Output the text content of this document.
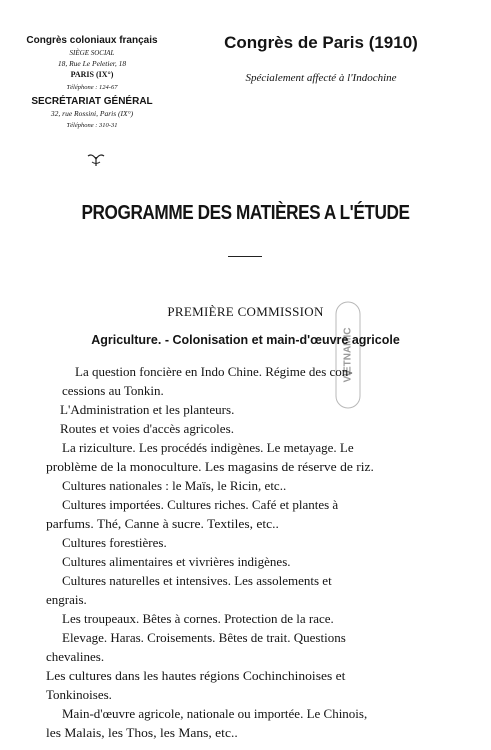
Congrès coloniaux français
SIÈGE SOCIAL
18, Rue Le Peletier, 18
PARIS (IX°)
Téléphone : 124-67
SECRÉTARIAT GÉNÉRAL
32, rue Rossini, Paris (IX°)
Téléphone : 310-31
Congrès de Paris (1910)
Spécialement affecté à l'Indochine
PROGRAMME DES MATIÈRES A L'ÉTUDE
VIETNAMIC
PREMIÈRE COMMISSION
Agriculture. - Colonisation et main-d'œuvre agricole
La question foncière en Indo Chine. Régime des con-
cessions au Tonkin.
L'Administration et les planteurs.
Routes et voies d'accès agricoles.
La riziculture. Les procédés indigènes. Le metayage. Le
problème de la monoculture. Les magasins de réserve de riz.
Cultures nationales : le Maïs, le Ricin, etc..
Cultures importées. Cultures riches. Café et plantes à
parfums. Thé, Canne à sucre. Textiles, etc..
Cultures forestières.
Cultures alimentaires et vivrières indigènes.
Cultures naturelles et intensives. Les assolements et
engrais.
Les troupeaux. Bêtes à cornes. Protection de la race.
Elevage. Haras. Croisements. Bêtes de trait. Questions
chevalines.
Les cultures dans les hautes régions Cochinchinoises et
Tonkinoises.
Main-d'œuvre agricole, nationale ou importée. Le Chinois,
les Malais, les Thos, les Mans, etc..
